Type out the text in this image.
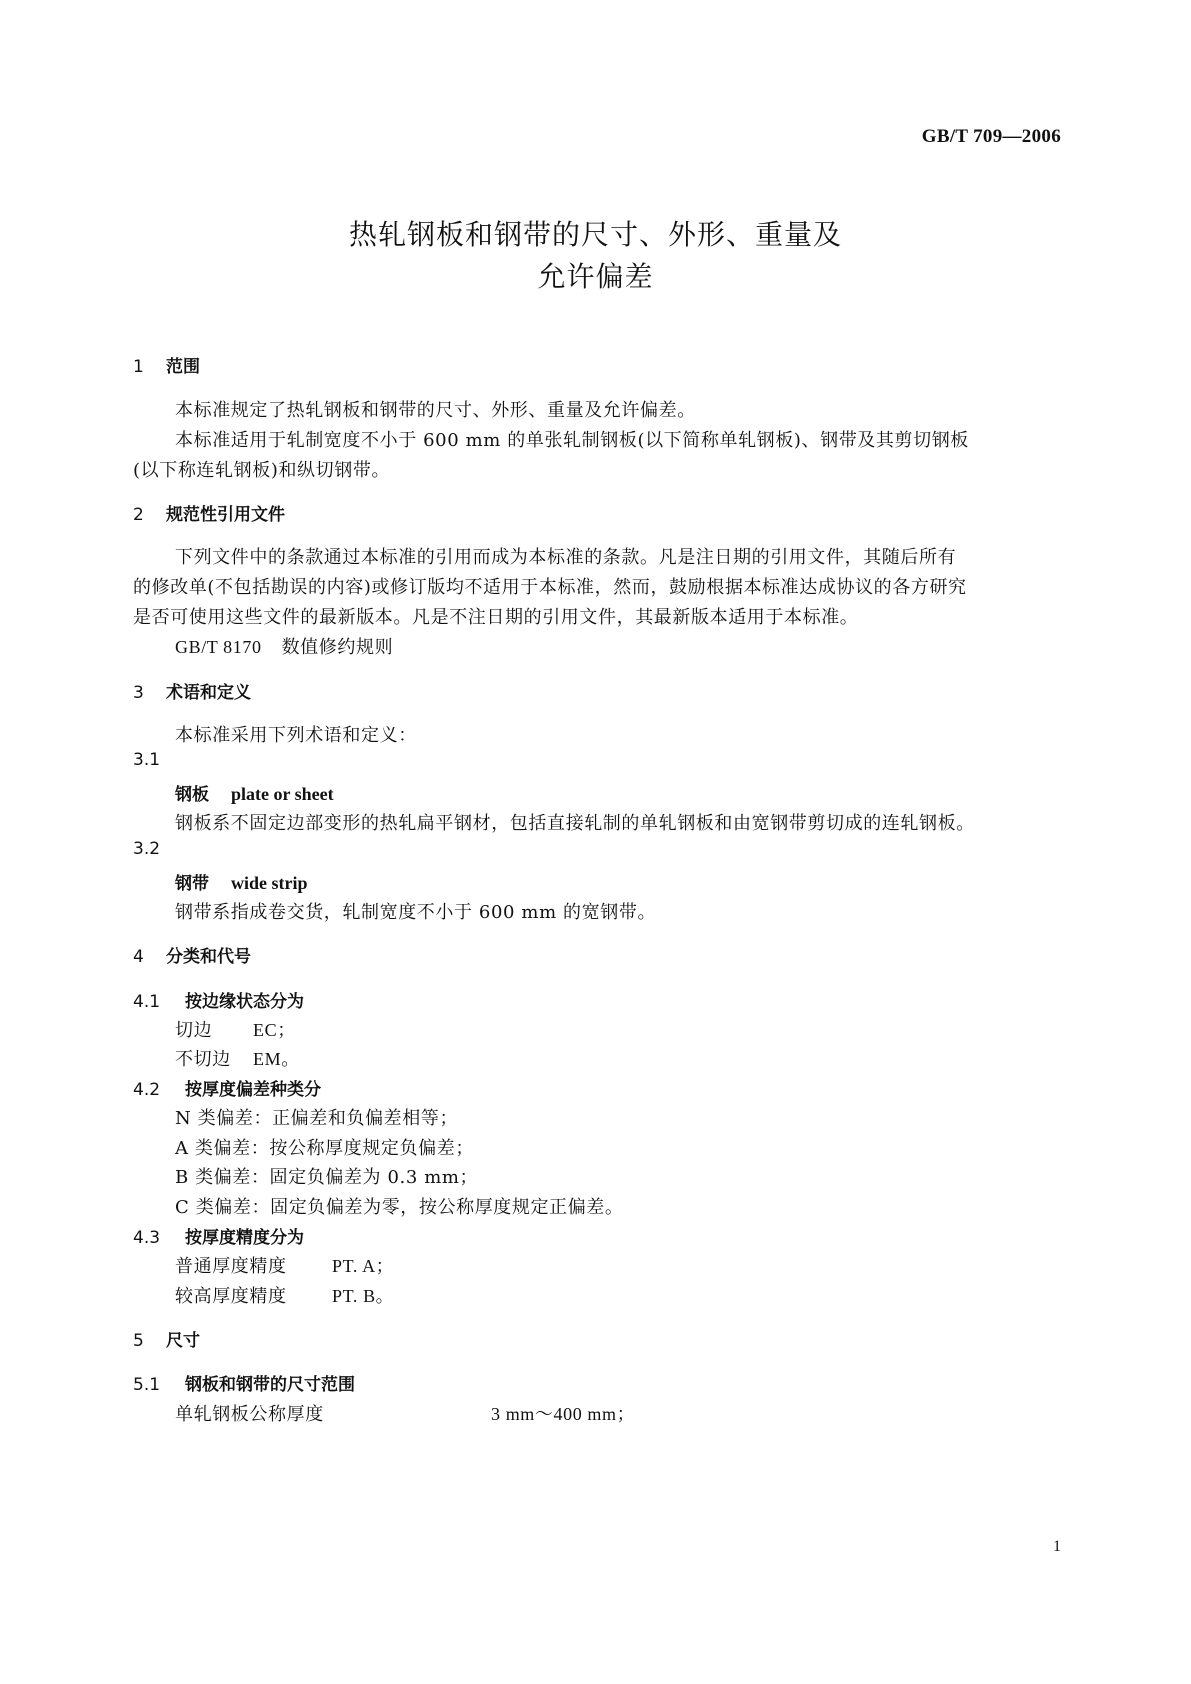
GB/T 709—2006
热轧钢板和钢带的尺寸、外形、重量及
允许偏差
1 范围
本标准规定了热轧钢板和钢带的尺寸、外形、重量及允许偏差。
本标准适用于轧制宽度不小于 600 mm 的单张轧制钢板(以下简称单轧钢板)、钢带及其剪切钢板
(以下称连轧钢板)和纵切钢带。
2 规范性引用文件
下列文件中的条款通过本标准的引用而成为本标准的条款。凡是注日期的引用文件，其随后所有
的修改单(不包括勘误的内容)或修订版均不适用于本标准，然而，鼓励根据本标准达成协议的各方研究
是否可使用这些文件的最新版本。凡是不注日期的引用文件，其最新版本适用于本标准。
GB/T 8170 数值修约规则
3 术语和定义
本标准采用下列术语和定义：
3.1
钢板 plate or sheet
钢板系不固定边部变形的热轧扁平钢材，包括直接轧制的单轧钢板和由宽钢带剪切成的连轧钢板。
3.2
钢带 wide strip
钢带系指成卷交货，轧制宽度不小于 600 mm 的宽钢带。
4 分类和代号
4.1 按边缘状态分为
切边 EC；
不切边 EM。
4.2 按厚度偏差种类分
N 类偏差：正偏差和负偏差相等；
A 类偏差：按公称厚度规定负偏差；
B 类偏差：固定负偏差为 0.3 mm；
C 类偏差：固定负偏差为零，按公称厚度规定正偏差。
4.3 按厚度精度分为
普通厚度精度	PT. A；
较高厚度精度	PT. B。
5 尺寸
5.1 钢板和钢带的尺寸范围
单轧钢板公称厚度	3 mm～400 mm；
1
